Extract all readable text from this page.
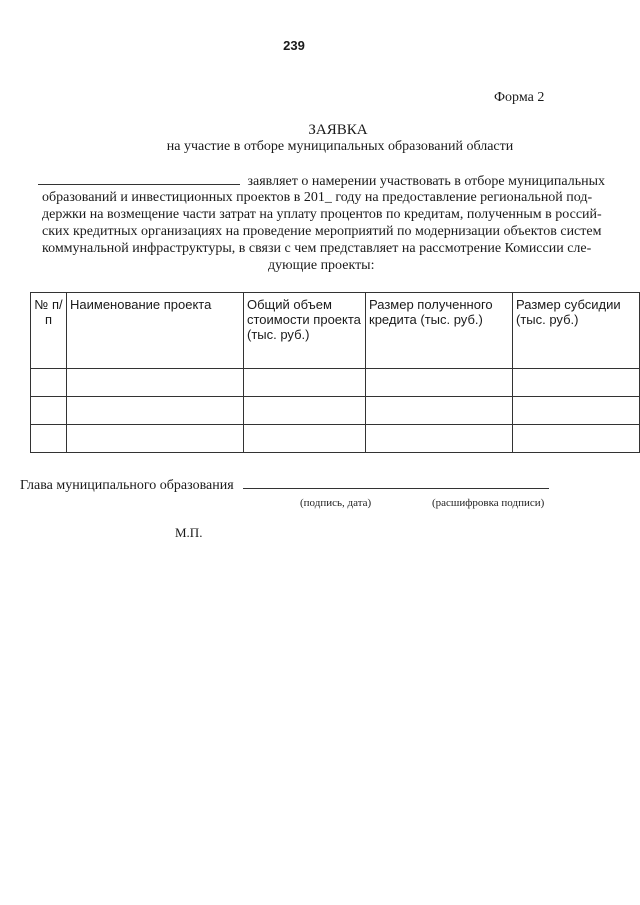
239
Форма 2
ЗАЯВКА
на участие в отборе муниципальных образований области
заявляет о намерении участвовать в отборе муниципальных
образований и инвестиционных проектов в 201_ году на предоставление региональной под-
держки на возмещение части затрат на уплату процентов по кредитам, полученным в россий-
ских кредитных организациях на проведение мероприятий по модернизации объектов систем
коммунальной инфраструктуры, в связи с чем представляет на рассмотрение Комиссии сле-
дующие проекты:
№ п/п	Наименование проекта	Общий объем стоимости проекта (тыс. руб.)	Размер полученного кредита (тыс. руб.)	Размер субсидии (тыс. руб.)

Глава муниципального образования
(подпись, дата)	(расшифровка подписи)
М.П.
